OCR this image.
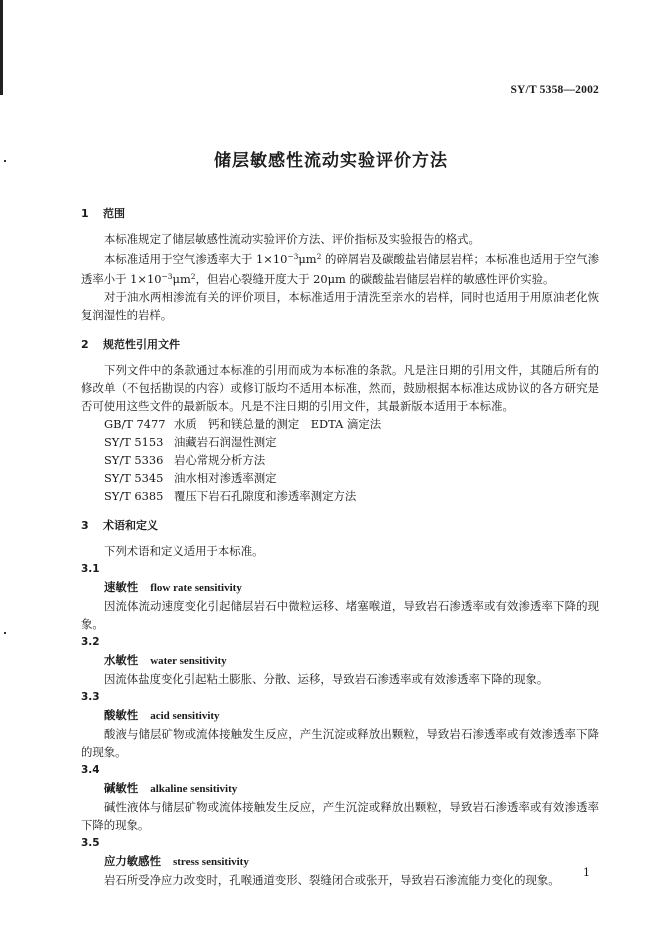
SY/T 5358—2002
储层敏感性流动实验评价方法

1 范围

本标准规定了储层敏感性流动实验评价方法、评价指标及实验报告的格式。

本标准适用于空气渗透率大于 $1\times 10^{-3}\mu m^2$ 的碎屑岩及碳酸盐岩储层岩样；本标准也适用于空气渗透率小于 $1\times 10^{-3}\mu m^2$，但岩心裂缝开度大于 20μm 的碳酸盐岩储层岩样的敏感性评价实验。

对于油水两相渗流有关的评价项目，本标准适用于清洗至亲水的岩样，同时也适用于用原油老化恢复润湿性的岩样。

2 规范性引用文件

下列文件中的条款通过本标准的引用而成为本标准的条款。凡是注日期的引用文件，其随后所有的修改单（不包括勘误的内容）或修订版均不适用本标准，然而，鼓励根据本标准达成协议的各方研究是否可使用这些文件的最新版本。凡是不注日期的引用文件，其最新版本适用于本标准。

GB/T 7477 水质　钙和镁总量的测定　EDTA 滴定法
SY/T 5153 油藏岩石润湿性测定
SY/T 5336 岩心常规分析方法
SY/T 5345 油水相对渗透率测定
SY/T 6385 覆压下岩石孔隙度和渗透率测定方法

3 术语和定义

下列术语和定义适用于本标准。

3.1

速敏性 flow rate sensitivity

因流体流动速度变化引起储层岩石中微粒运移、堵塞喉道，导致岩石渗透率或有效渗透率下降的现象。

3.2

水敏性 water sensitivity

因流体盐度变化引起粘土膨胀、分散、运移，导致岩石渗透率或有效渗透率下降的现象。

3.3

酸敏性 acid sensitivity

酸液与储层矿物或流体接触发生反应，产生沉淀或释放出颗粒，导致岩石渗透率或有效渗透率下降的现象。

3.4

碱敏性 alkaline sensitivity

碱性液体与储层矿物或流体接触发生反应，产生沉淀或释放出颗粒，导致岩石渗透率或有效渗透率下降的现象。

3.5

应力敏感性 stress sensitivity

岩石所受净应力改变时，孔喉通道变形、裂缝闭合或张开，导致岩石渗流能力变化的现象。

1
